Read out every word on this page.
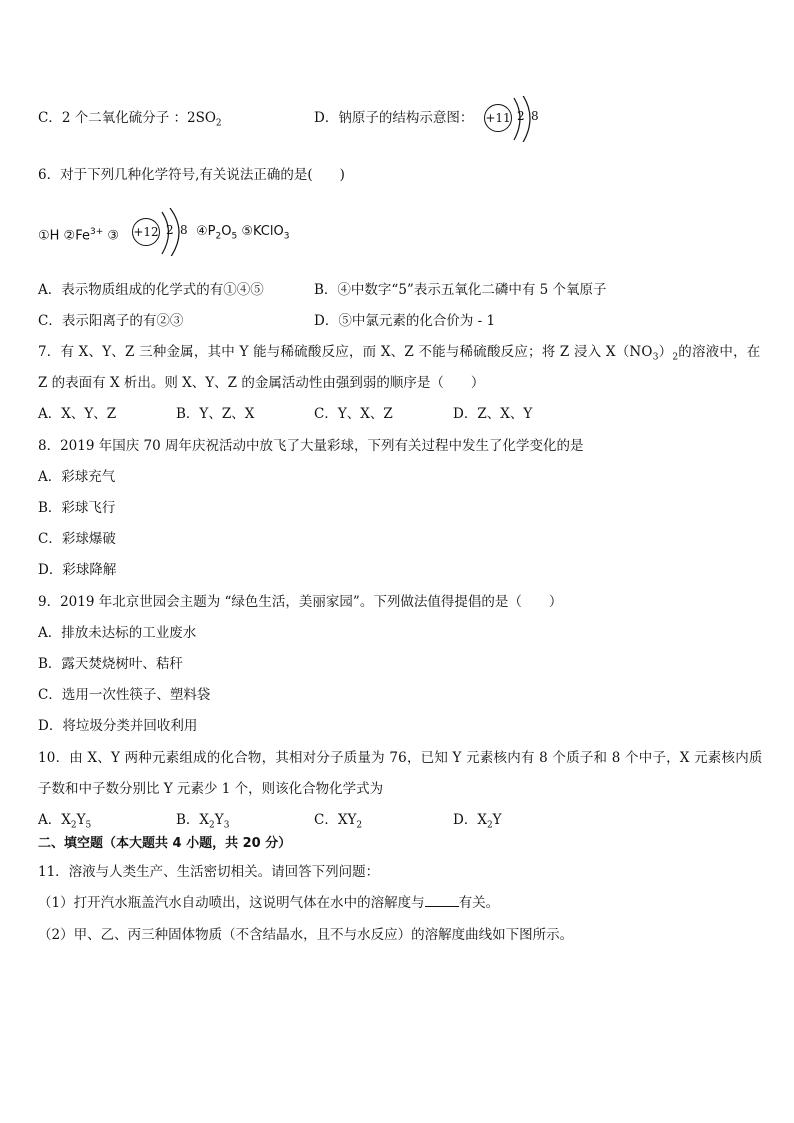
C．2 个二氧化硫分子 ：$2SO_2$	D．钠原子的结构示意图： +11 2 8
6．对于下列几种化学符号,有关说法正确的是(　　)
①H $②Fe^{3+}$ ③ +12 2 8 $④P_2O_5$ ⑤KClO$_3$
A．表示物质组成的化学式的有①④⑤	B．④中数字“5”表示五氧化二磷中有 5 个氧原子
C．表示阳离子的有②③	D．⑤中氯元素的化合价为 - 1
7．有 X、Y、Z 三种金属，其中 Y 能与稀硫酸反应，而 X、Z 不能与稀硫酸反应；将 Z 浸入 $X(NO_3)_2$的溶液中，在
Z 的表面有 X 析出。则 X、Y、Z 的金属活动性由强到弱的顺序是（　　）
A．X、Y、Z	B．Y、Z、X	C．Y、X、Z	D．Z、X、Y
8．2019 年国庆 70 周年庆祝活动中放飞了大量彩球，下列有关过程中发生了化学变化的是
A．彩球充气
B．彩球飞行
C．彩球爆破
D．彩球降解
9．2019 年北京世园会主题为 “绿色生活，美丽家园”。下列做法值得提倡的是（　　）
A．排放未达标的工业废水
B．露天焚烧树叶、秸秆
C．选用一次性筷子、塑料袋
D．将垃圾分类并回收利用
10．由 X、Y 两种元素组成的化合物，其相对分子质量为 76，已知 Y 元素核内有 8 个质子和 8 个中子，X 元素核内质
子数和中子数分别比 Y 元素少 1 个，则该化合物化学式为
A．$X_2Y_5$	B．$X_2Y_3$	C．$XY_2$	D．$X_2Y$
二、填空题（本大题共 4 小题，共 20 分）
11．溶液与人类生产、生活密切相关。请回答下列问题：
（1）打开汽水瓶盖汽水自动喷出，这说明气体在水中的溶解度与	有关。
（2）甲、乙、丙三种固体物质（不含结晶水，且不与水反应）的溶解度曲线如下图所示。
